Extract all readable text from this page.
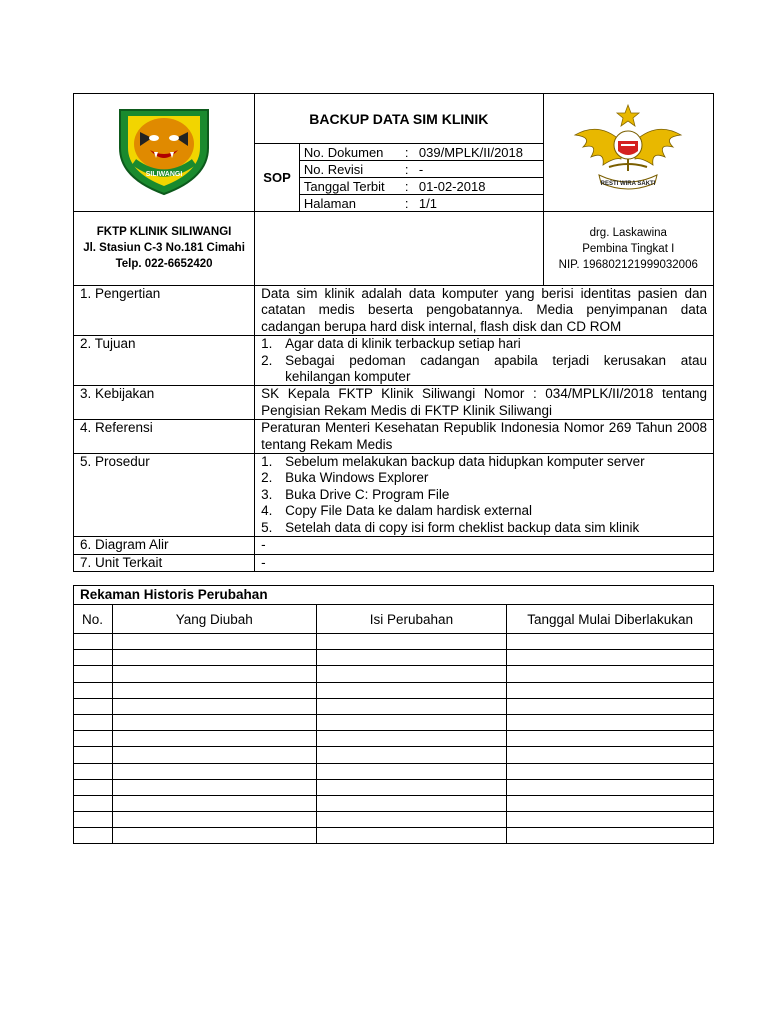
SILIWANGI
	BACKUP DATA SIM KLINIK	
RESTI WIRA SAKTI

SOP	
No. Dokumen	:	039/MPLK/II/2018
No. Revisi	:	-
Tanggal Terbit	:	01-02-2018
Halaman	:	1/1

FKTP KLINIK SILIWANGI
Jl. Stasiun C-3 No.181 Cimahi
Telp. 022-6652420

drg. Laskawina
Pembina Tingkat I
NIP. 196802121999032006

1. Pengertian	Data sim klinik adalah data komputer yang berisi identitas pasien dan catatan medis beserta pengobatannya. Media penyimpanan data cadangan berupa hard disk internal, flash disk dan CD ROM
2. Tujuan	1. Agar data di klinik terbackup setiap hari
2. Sebagai pedoman cadangan apabila terjadi kerusakan atau kehilangan komputer

3. Kebijakan	SK Kepala FKTP Klinik Siliwangi Nomor : 034/MPLK/II/2018 tentang Pengisian Rekam Medis di FKTP Klinik Siliwangi
4. Referensi	Peraturan Menteri Kesehatan Republik Indonesia Nomor 269 Tahun 2008 tentang Rekam Medis
5. Prosedur	1. Sebelum melakukan backup data hidupkan komputer server
2. Buka Windows Explorer
3. Buka Drive C: Program File
4. Copy File Data ke dalam hardisk external
5. Setelah data di copy isi form cheklist backup data sim klinik

6. Diagram Alir	-
7. Unit Terkait	-
Rekaman Historis Perubahan			
No.	Yang Diubah	Isi Perubahan	Tanggal Mulai Diberlakukan
